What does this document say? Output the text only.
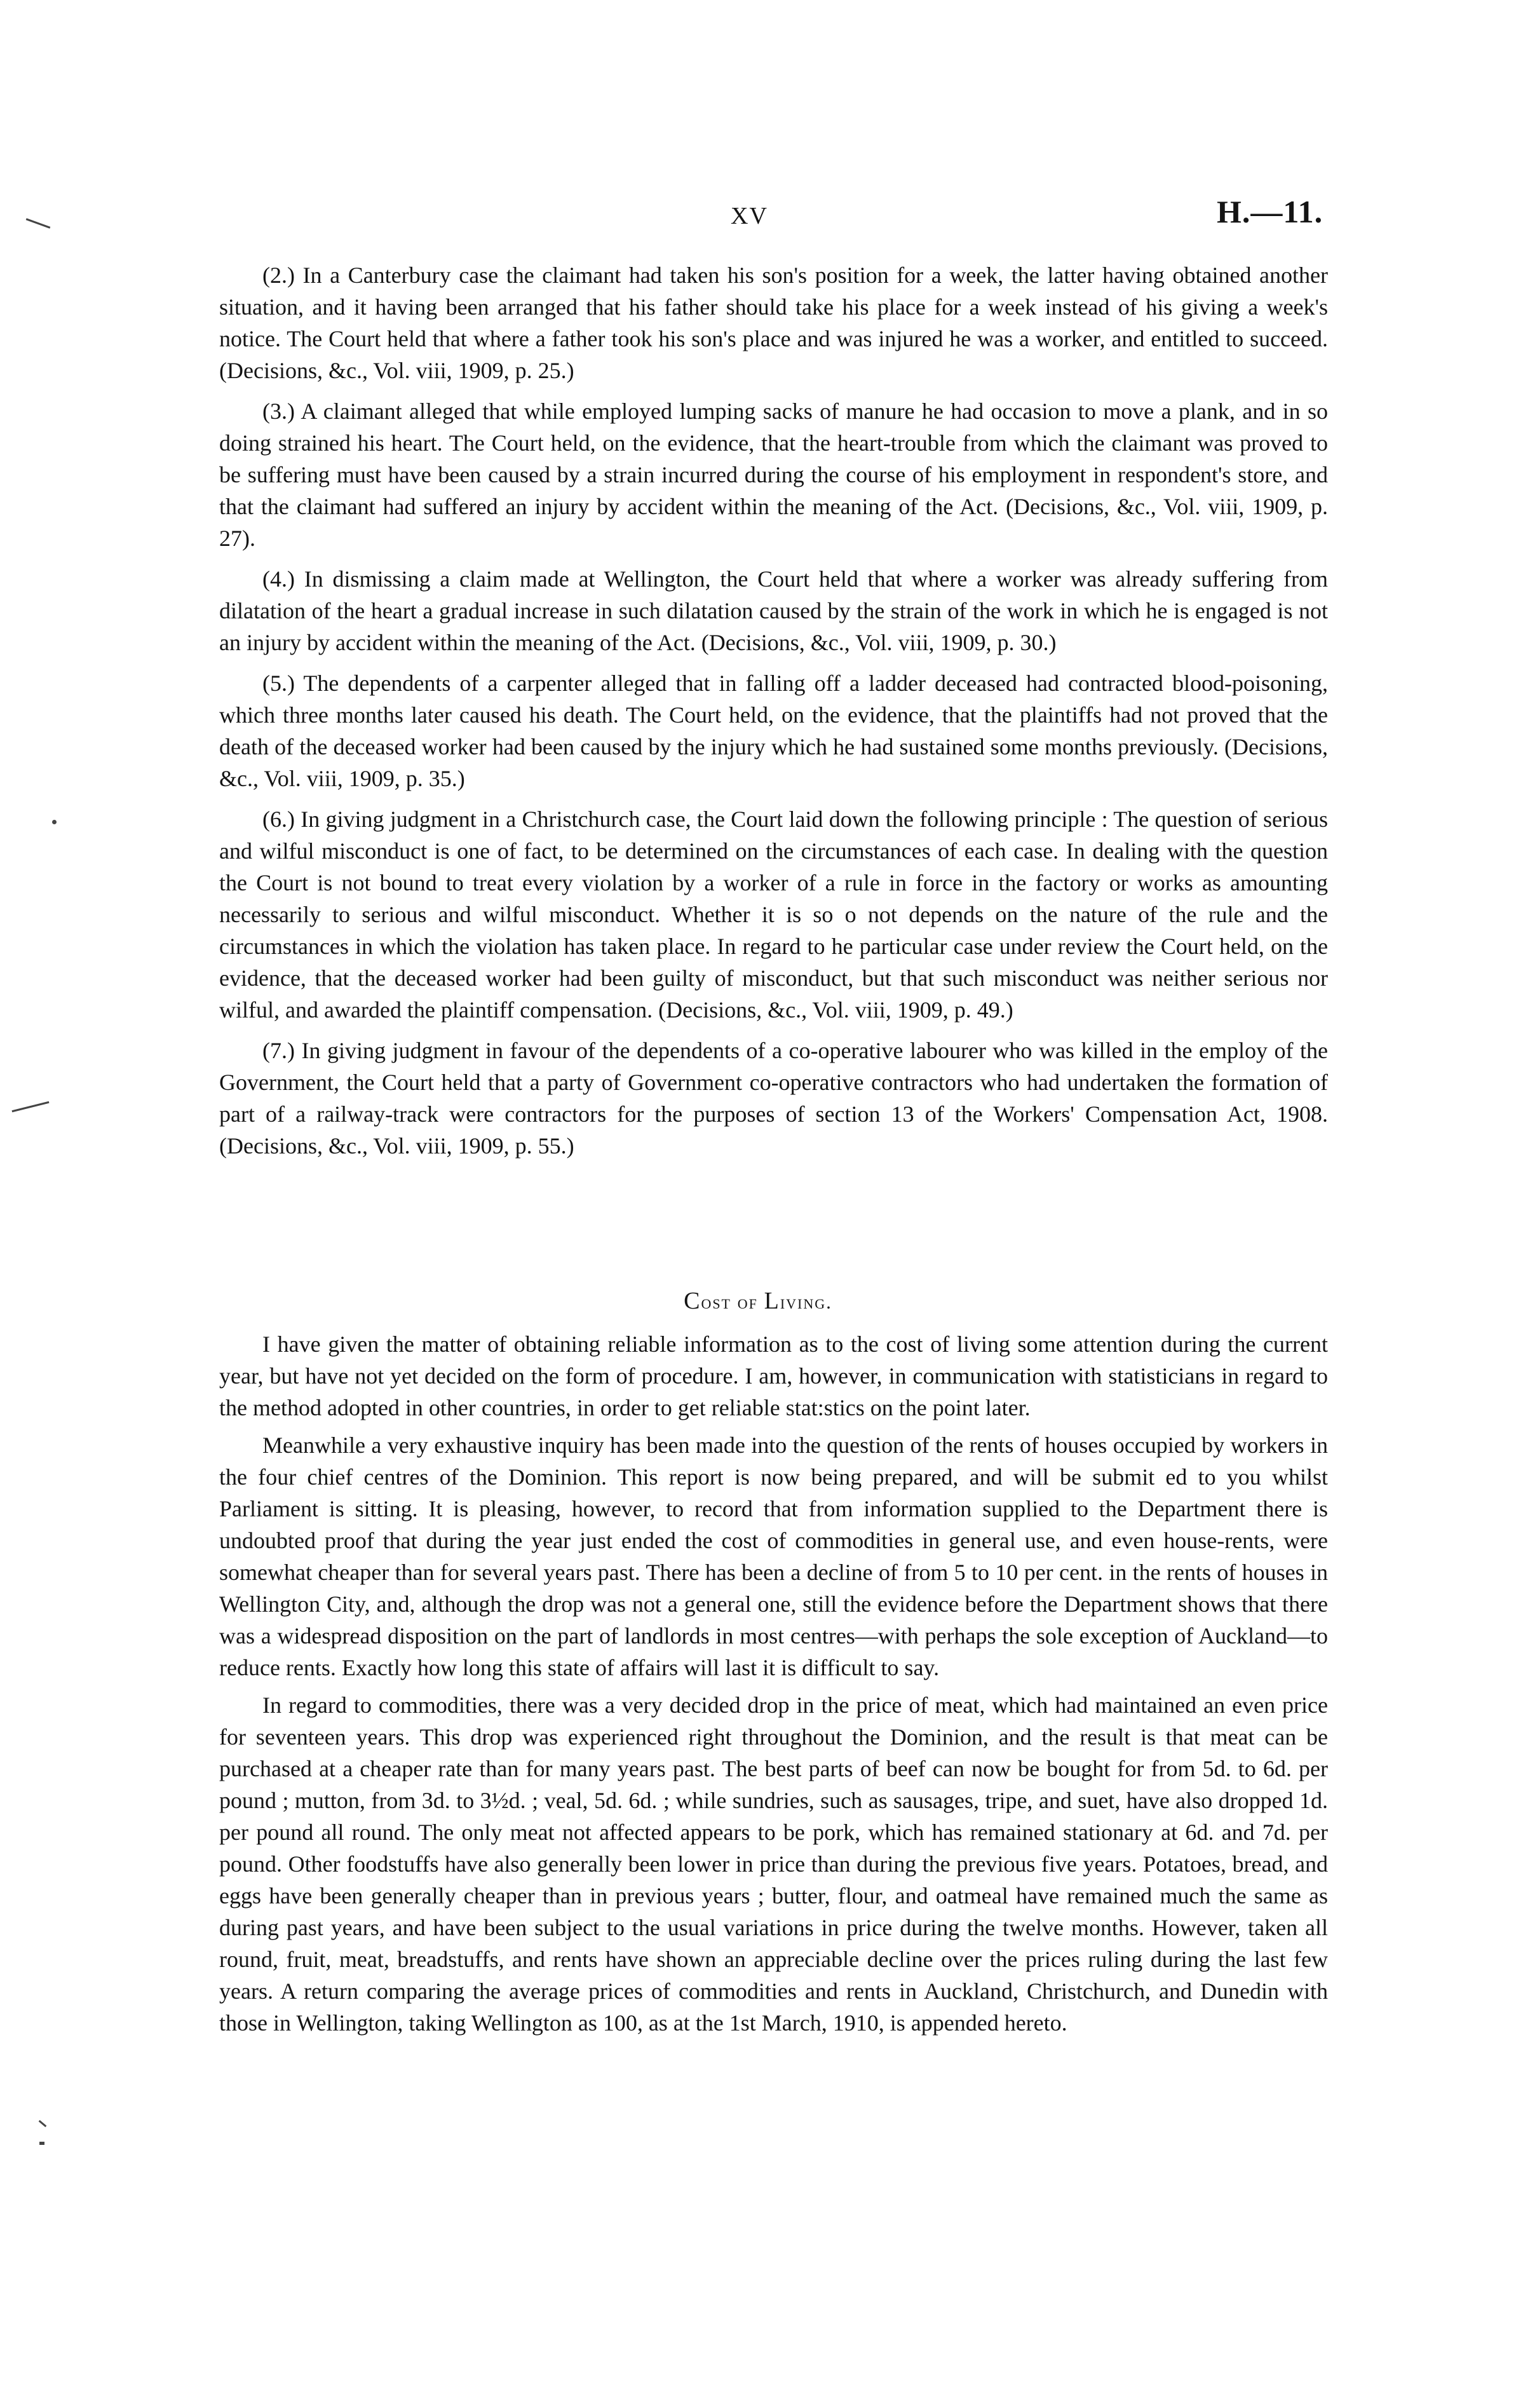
XV	H.—11.

(2.) In a Canterbury case the claimant had taken his son's position for a week, the latter having obtained another situation, and it having been arranged that his father should take his place for a week instead of his giving a week's notice. The Court held that where a father took his son's place and was injured he was a worker, and entitled to succeed. (Decisions, &c., Vol. viii, 1909, p. 25.)

(3.) A claimant alleged that while employed lumping sacks of manure he had occasion to move a plank, and in so doing strained his heart. The Court held, on the evidence, that the heart-trouble from which the claimant was proved to be suffering must have been caused by a strain incurred during the course of his employment in respondent's store, and that the claimant had suffered an injury by accident within the meaning of the Act. (Decisions, &c., Vol. viii, 1909, p. 27).

(4.) In dismissing a claim made at Wellington, the Court held that where a worker was already suffering from dilatation of the heart a gradual increase in such dilatation caused by the strain of the work in which he is engaged is not an injury by accident within the meaning of the Act. (Decisions, &c., Vol. viii, 1909, p. 30.)

(5.) The dependents of a carpenter alleged that in falling off a ladder deceased had contracted blood-poisoning, which three months later caused his death. The Court held, on the evidence, that the plaintiffs had not proved that the death of the deceased worker had been caused by the injury which he had sustained some months previously. (Decisions, &c., Vol. viii, 1909, p. 35.)

(6.) In giving judgment in a Christchurch case, the Court laid down the following principle : The question of serious and wilful misconduct is one of fact, to be determined on the circumstances of each case. In dealing with the question the Court is not bound to treat every violation by a worker of a rule in force in the factory or works as amounting necessarily to serious and wilful misconduct. Whether it is so o not depends on the nature of the rule and the circumstances in which the violation has taken place. In regard to he particular case under review the Court held, on the evidence, that the deceased worker had been guilty of misconduct, but that such misconduct was neither serious nor wilful, and awarded the plaintiff compensation. (Decisions, &c., Vol. viii, 1909, p. 49.)

(7.) In giving judgment in favour of the dependents of a co-operative labourer who was killed in the employ of the Government, the Court held that a party of Government co-operative contractors who had undertaken the formation of part of a railway-track were contractors for the purposes of section 13 of the Workers' Compensation Act, 1908. (Decisions, &c., Vol. viii, 1909, p. 55.)

Cost of Living.

I have given the matter of obtaining reliable information as to the cost of living some attention during the current year, but have not yet decided on the form of procedure. I am, however, in communication with statisticians in regard to the method adopted in other countries, in order to get reliable stat:stics on the point later.

Meanwhile a very exhaustive inquiry has been made into the question of the rents of houses occupied by workers in the four chief centres of the Dominion. This report is now being prepared, and will be submit ed to you whilst Parliament is sitting. It is pleasing, however, to record that from information supplied to the Department there is undoubted proof that during the year just ended the cost of commodities in general use, and even house-rents, were somewhat cheaper than for several years past. There has been a decline of from 5 to 10 per cent. in the rents of houses in Wellington City, and, although the drop was not a general one, still the evidence before the Department shows that there was a widespread disposition on the part of landlords in most centres—with perhaps the sole exception of Auckland—to reduce rents. Exactly how long this state of affairs will last it is difficult to say.

In regard to commodities, there was a very decided drop in the price of meat, which had maintained an even price for seventeen years. This drop was experienced right throughout the Dominion, and the result is that meat can be purchased at a cheaper rate than for many years past. The best parts of beef can now be bought for from 5d. to 6d. per pound ; mutton, from 3d. to 3½d. ; veal, 5d. 6d. ; while sundries, such as sausages, tripe, and suet, have also dropped 1d. per pound all round. The only meat not affected appears to be pork, which has remained stationary at 6d. and 7d. per pound. Other foodstuffs have also generally been lower in price than during the previous five years. Potatoes, bread, and eggs have been generally cheaper than in previous years ; butter, flour, and oatmeal have remained much the same as during past years, and have been subject to the usual variations in price during the twelve months. However, taken all round, fruit, meat, breadstuffs, and rents have shown an appreciable decline over the prices ruling during the last few years. A return comparing the average prices of commodities and rents in Auckland, Christchurch, and Dunedin with those in Wellington, taking Wellington as 100, as at the 1st March, 1910, is appended hereto.
